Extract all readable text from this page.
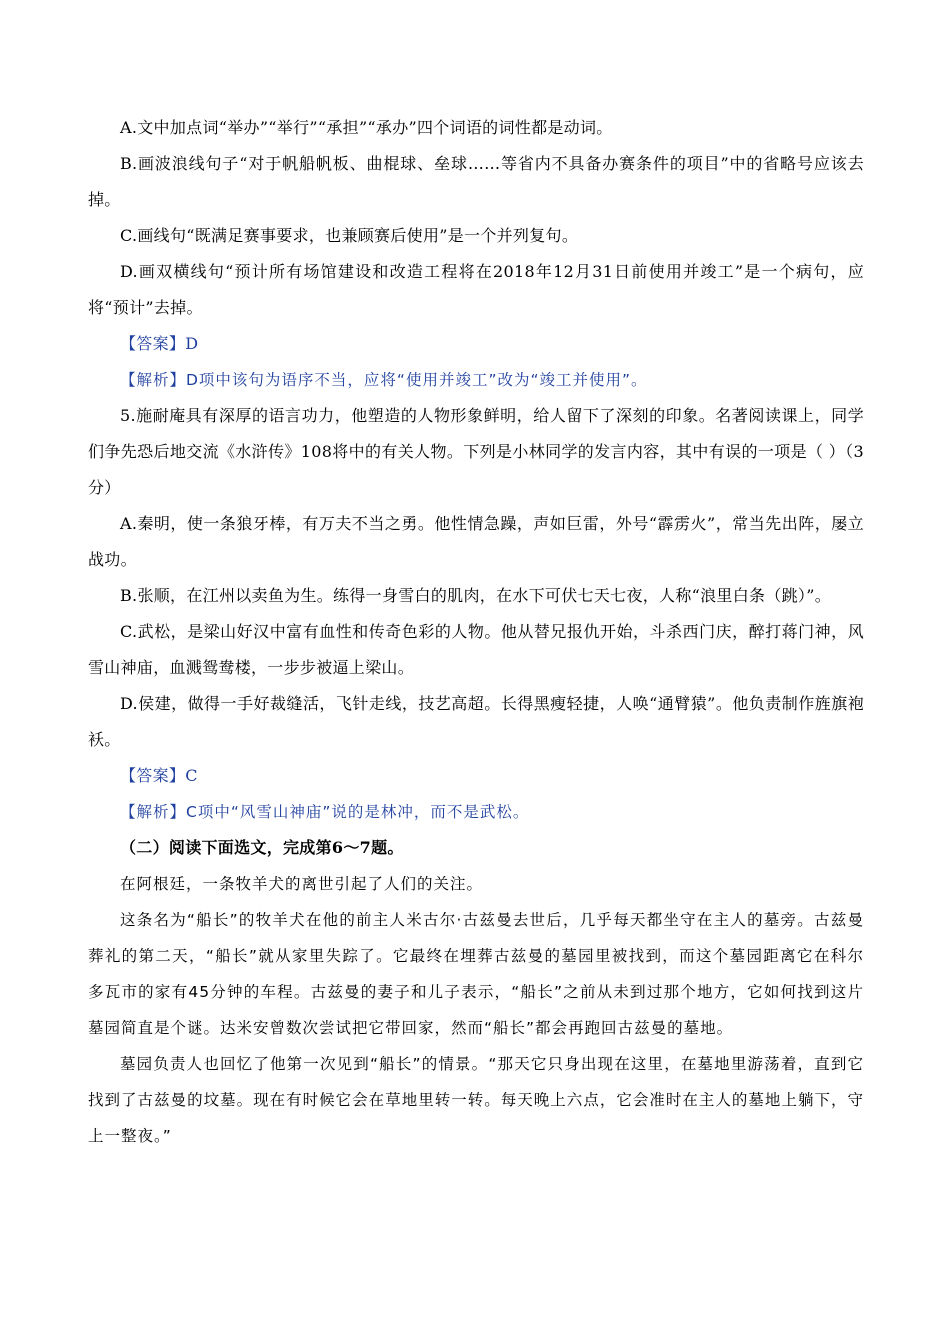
A.文中加点词“举办”“举行”“承担”“承办”四个词语的词性都是动词。

B.画波浪线句子“对于帆船帆板、曲棍球、垒球……等省内不具备办赛条件的项目”中的省略号应该去掉。

C.画线句“既满足赛事要求，也兼顾赛后使用”是一个并列复句。

D.画双横线句“预计所有场馆建设和改造工程将在2018年12月31日前使用并竣工”是一个病句，应将“预计”去掉。

【答案】D

【解析】D项中该句为语序不当，应将“使用并竣工”改为“竣工并使用”。

5.施耐庵具有深厚的语言功力，他塑造的人物形象鲜明，给人留下了深刻的印象。名著阅读课上，同学们争先恐后地交流《水浒传》108将中的有关人物。下列是小林同学的发言内容，其中有误的一项是（ ）（3分）

A.秦明，使一条狼牙棒，有万夫不当之勇。他性情急躁，声如巨雷，外号“霹雳火”，常当先出阵，屡立战功。

B.张顺，在江州以卖鱼为生。练得一身雪白的肌肉，在水下可伏七天七夜，人称“浪里白条（跳）”。

C.武松，是梁山好汉中富有血性和传奇色彩的人物。他从替兄报仇开始，斗杀西门庆，醉打蒋门神，风雪山神庙，血溅鸳鸯楼，一步步被逼上梁山。

D.侯建，做得一手好裁缝活，飞针走线，技艺高超。长得黑瘦轻捷，人唤“通臂猿”。他负责制作旌旗袍袄。

【答案】C

【解析】C项中“风雪山神庙”说的是林冲，而不是武松。

（二）阅读下面选文，完成第6～7题。

在阿根廷，一条牧羊犬的离世引起了人们的关注。

这条名为“船长”的牧羊犬在他的前主人米古尔·古兹曼去世后，几乎每天都坐守在主人的墓旁。古兹曼葬礼的第二天，“船长”就从家里失踪了。它最终在埋葬古兹曼的墓园里被找到，而这个墓园距离它在科尔多瓦市的家有45分钟的车程。古兹曼的妻子和儿子表示，“船长”之前从未到过那个地方，它如何找到这片墓园简直是个谜。达米安曾数次尝试把它带回家，然而“船长”都会再跑回古兹曼的墓地。

墓园负责人也回忆了他第一次见到“船长”的情景。“那天它只身出现在这里，在墓地里游荡着，直到它找到了古兹曼的坟墓。现在有时候它会在草地里转一转。每天晚上六点，它会准时在主人的墓地上躺下，守上一整夜。”
